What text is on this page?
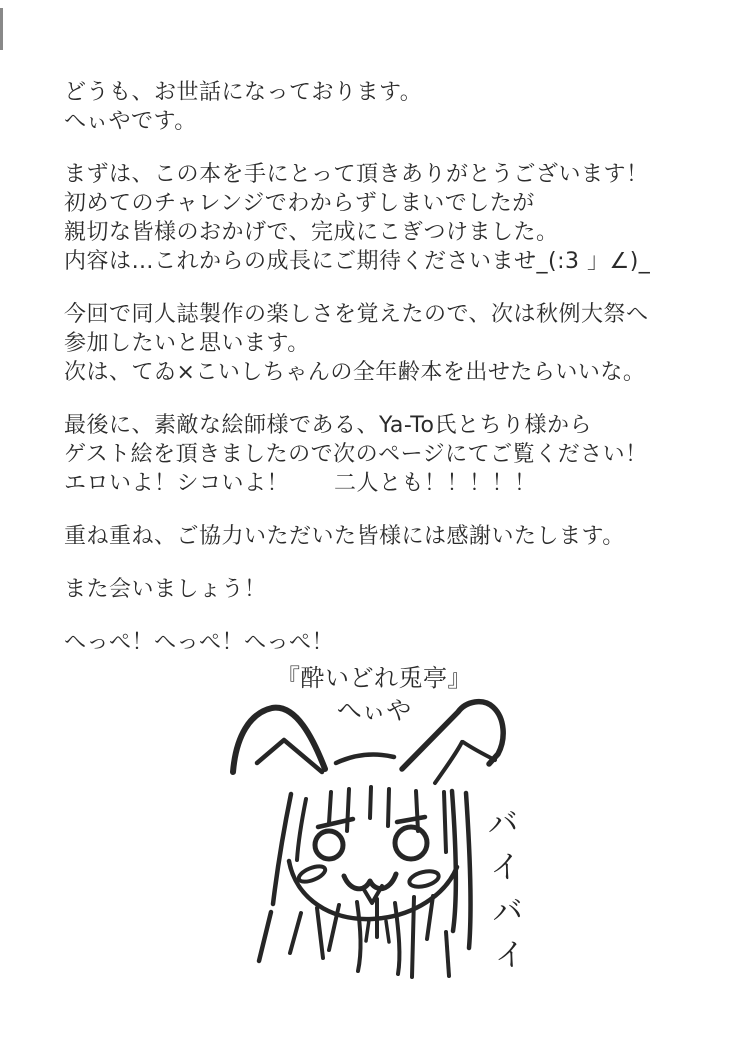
どうも、お世話になっております。
へぃやです。
まずは、この本を手にとって頂きありがとうございます！
初めてのチャレンジでわからずしまいでしたが
親切な皆様のおかげで、完成にこぎつけました。
内容は…これからの成長にご期待くださいませ_(:3 」∠)_
今回で同人誌製作の楽しさを覚えたので、次は秋例大祭へ
参加したいと思います。
次は、てゐ×こいしちゃんの全年齢本を出せたらいいな。
最後に、素敵な絵師様である、Ya-To氏とちり様から
ゲスト絵を頂きましたので次のページにてご覧ください！
エロいよ！シコいよ！　　二人とも！！！！！
重ね重ね、ご協力いただいた皆様には感謝いたします。
また会いましょう！
へっぺ！へっぺ！へっぺ！
『酔いどれ兎亭』
へぃや
バイバイ
